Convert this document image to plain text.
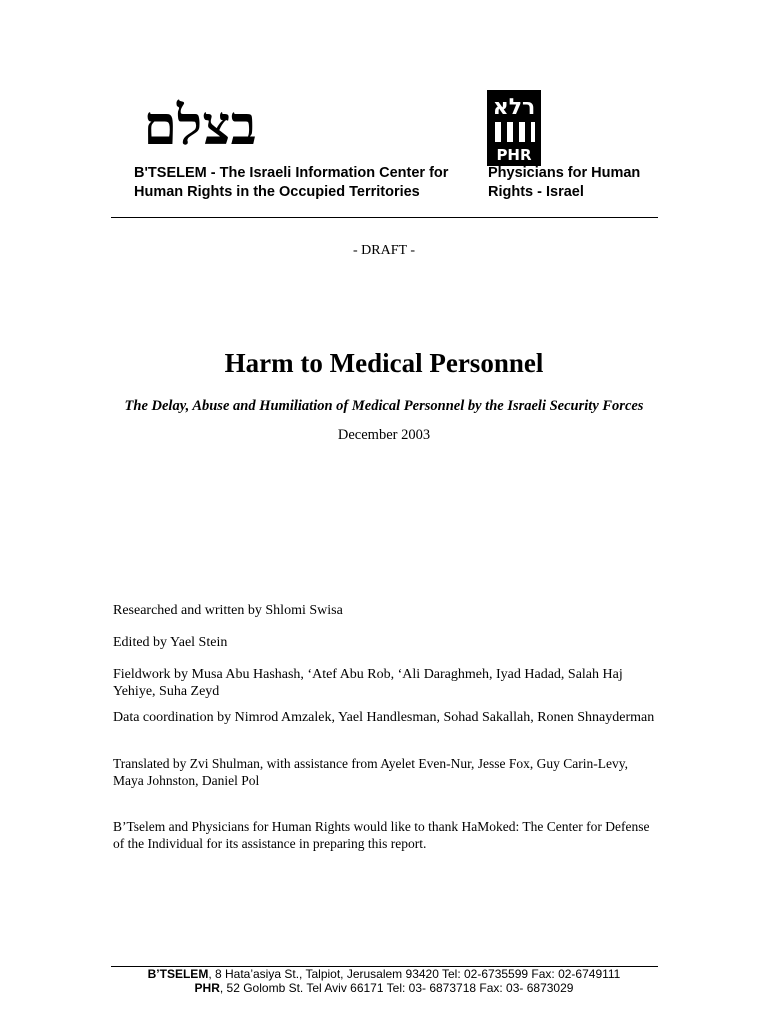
בצלם
B'TSELEM - The Israeli Information Center for Human Rights in the Occupied Territories
רלא
PHR
Physicians for Human Rights - Israel
- DRAFT -
Harm to Medical Personnel
The Delay, Abuse and Humiliation of Medical Personnel by the Israeli Security Forces
December 2003
Researched and written by Shlomi Swisa
Edited by Yael Stein
Fieldwork by Musa Abu Hashash, ‘Atef Abu Rob, ‘Ali Daraghmeh, Iyad Hadad, Salah Haj Yehiye, Suha Zeyd
Data coordination by Nimrod Amzalek, Yael Handlesman, Sohad Sakallah, Ronen Shnayderman
Translated by Zvi Shulman, with assistance from Ayelet Even-Nur, Jesse Fox, Guy Carin-Levy, Maya Johnston, Daniel Pol
B’Tselem and Physicians for Human Rights would like to thank HaMoked: The Center for Defense of the Individual for its assistance in preparing this report.
B’TSELEM, 8 Hata’asiya St., Talpiot, Jerusalem 93420 Tel: 02-6735599 Fax: 02-6749111
PHR, 52 Golomb St. Tel Aviv 66171 Tel: 03- 6873718 Fax: 03- 6873029
